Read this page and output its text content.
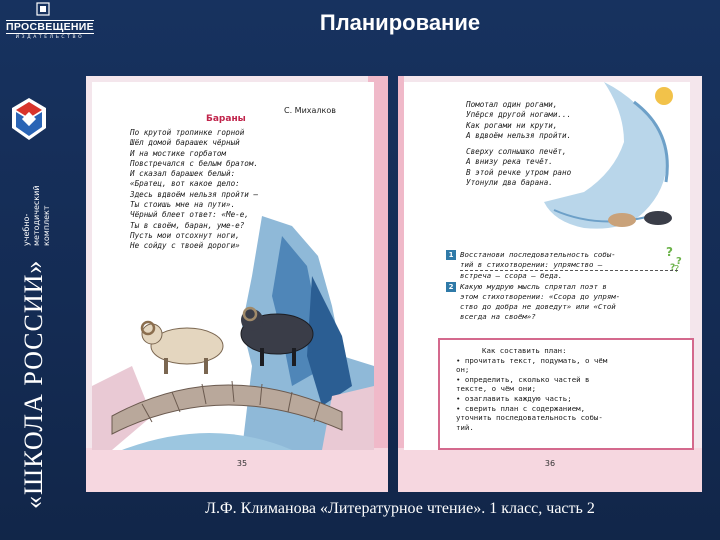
ПРОСВЕЩЕНИЕ
ИЗДАТЕЛЬСТВО
Планирование
учебно-методический комплект
«ШКОЛА РОССИИ»
С. Михалков
Бараны
По крутой тропинке горной
Шёл домой барашек чёрный
И на мостике горбатом
Повстречался с белым братом.
И сказал барашек белый:
«Братец, вот какое дело:
Здесь вдвоём нельзя пройти —
Ты стоишь мне на пути».
Чёрный блеет ответ: «Ме-е,
Ты в своём, баран, уме-е?
Пусть мои отсохнут ноги,
Не сойду с твоей дороги»
35
?
Помотал один рогами,
Упёрся другой ногами...
Как рогами ни крути,
А вдвоём нельзя пройти.
Сверху солнышко печёт,
А внизу река течёт.
В этой речке утром рано
Утонули два барана.
?
?
?
1 Восстанови последовательность собы-
тий в стихотворении: упрямство —
встреча — ссора — беда.
2 Какую мудрую мысль спрятал поэт в
этом стихотворении: «Ссора до упрям-
ство до добра не доведут» или «Стой
всегда на своём»?
Как составить план:
• прочитать текст, подумать, о чём
он;
• определить, сколько частей в
тексте, о чём они;
• озаглавить каждую часть;
• сверить план с содержанием,
уточнить последовательность собы-
тий.
36
Л.Ф. Климанова «Литературное чтение». 1 класс, часть 2
